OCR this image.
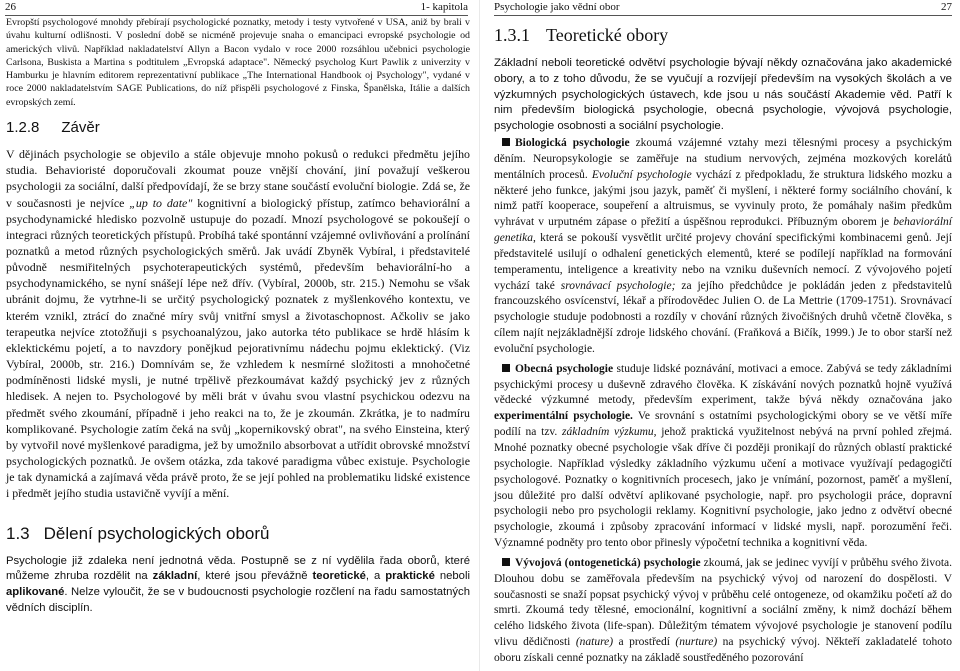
26	1- kapitola

Evropští psychologové mnohdy přebírají psychologické poznatky, metody i testy vytvořené v USA, aniž by brali v úvahu kulturní odlišnosti. V poslední době se nicméně projevuje snaha o emancipaci evropské psychologie od amerických vlivů. Například nakladatelství Allyn a Bacon vydalo v roce 2000 rozsáhlou učebnici psychologie Carlsona, Buskista a Martina s podtitulem „Evropská adaptace". Německý psycholog Kurt Pawlik z univerzity v Hamburku je hlavním editorem reprezentativní publikace „The International Handbook oj Psychology", vydané v roce 2000 nakladatelstvím SAGE Publications, do níž přispěli psychologové z Finska, Španělska, Itálie a dalších evropských zemí.

1.2.8 Závěr

V dějinách psychologie se objevilo a stále objevuje mnoho pokusů o redukci předmětu jejího studia. Behavioristé doporučovali zkoumat pouze vnější chování, jiní považují veškerou psychologii za sociální, další předpovídají, že se brzy stane součástí evoluční biologie. Zdá se, že v současnosti je nejvíce „up to date" kognitivní a biologický přístup, zatímco behaviorální a psychodynamické hledisko pozvolně ustupuje do pozadí. Mnozí psychologové se pokoušejí o integraci různých teoretických přístupů. Probíhá také spontánní vzájemné ovlivňování a prolínání poznatků a metod různých psychologických směrů. Jak uvádí Zbyněk Vybíral, i představitelé původně nesmiřitelných psychoterapeutických systémů, především behaviorální-ho a psychodynamického, se nyní snášejí lépe než dřív. (Vybíral, 2000b, str. 215.) Nemohu se však ubránit dojmu, že vytrhne-li se určitý psychologický poznatek z myšlenkového kontextu, ve kterém vznikl, ztrácí do značné míry svůj vnitřní smysl a životaschopnost. Ačkoliv se jako terapeutka nejvíce ztotožňuji s psychoanalýzou, jako autorka této publikace se hrdě hlásím k eklektickému pojetí, a to navzdory ponějkud pejorativnímu nádechu pojmu eklektický. (Viz Vybíral, 2000b, str. 216.) Domnívám se, že vzhledem k nesmírné složitosti a mnohočetné podmíněnosti lidské mysli, je nutné trpělivě přezkoumávat každý psychický jev z různých hledisek. A nejen to. Psychologové by měli brát v úvahu svou vlastní psychickou odezvu na předmět svého zkoumání, případně i jeho reakci na to, že je zkoumán. Zkrátka, je to nadmíru komplikované. Psychologie zatím čeká na svůj „kopernikovský obrat", na svého Einsteina, který by vytvořil nové myšlenkové paradigma, jež by umožnilo absorbovat a utřídit obrovské množství psychologických poznatků. Je ovšem otázka, zda takové paradigma vůbec existuje. Psychologie je tak dynamická a zajímavá věda právě proto, že se její pohled na problematiku lidské existence i předmět jejího studia ustavičně vyvíjí a mění.

1.3 Dělení psychologických oborů

Psychologie již zdaleka není jednotná věda. Postupně se z ní vydělila řada oborů, které můžeme zhruba rozdělit na základní, které jsou převážně teoretické, a praktické neboli aplikované. Nelze vyloučit, že se v budoucnosti psychologie rozčlení na řadu samostatných vědních disciplín.

Psychologie jako vědní obor	27
1.3.1 Teoretické obory

Základní neboli teoretické odvětví psychologie bývají někdy označována jako akademické obory, a to z toho důvodu, že se vyučují a rozvíjejí především na vysokých školách a ve výzkumných psychologických ústavech, kde jsou u nás součástí Akademie věd. Patří k nim především biologická psychologie, obecná psychologie, vývojová psychologie, psychologie osobnosti a sociální psychologie.

Biologická psychologie zkoumá vzájemné vztahy mezi tělesnými procesy a psychickým děním. Neuropsykologie se zaměřuje na studium nervových, zejména mozkových korelátů mentálních procesů. Evoluční psychologie vychází z předpokladu, že struktura lidského mozku a některé jeho funkce, jakými jsou jazyk, paměť či myšlení, i některé formy sociálního chování, k nimž patří kooperace, soupeření a altruismus, se vyvinuly proto, že pomáhaly našim předkům vyhrávat v urputném zápase o přežití a úspěšnou reprodukci. Příbuzným oborem je behaviorální genetika, která se pokouší vysvětlit určité projevy chování specifickými kombinacemi genů. Její představitelé usilují o odhalení genetických elementů, které se podílejí například na formování temperamentu, inteligence a kreativity nebo na vzniku duševních nemocí. Z vývojového pojetí vychází také srovnávací psychologie; za jejího předchůdce je pokládán jeden z představitelů francouzského osvícenství, lékař a přírodovědec Julien O. de La Mettrie (1709-1751). Srovnávací psychologie studuje podobnosti a rozdíly v chování různých živočišných druhů včetně člověka, s cílem najít nejzákladnější zdroje lidského chování. (Fraňková a Bičík, 1999.) Je to obor starší než evoluční psychologie.

Obecná psychologie studuje lidské poznávání, motivaci a emoce. Zabývá se tedy základními psychickými procesy u duševně zdravého člověka. K získávání nových poznatků hojně využívá vědecké výzkumné metody, především experiment, takže bývá někdy označována jako experimentální psychologie. Ve srovnání s ostatními psychologickými obory se ve větší míře podílí na tzv. základním výzkumu, jehož praktická využitelnost nebývá na první pohled zřejmá. Mnohé poznatky obecné psychologie však dříve či později pronikají do různých oblastí praktické psychologie. Například výsledky základního výzkumu učení a motivace využívají pedagogičtí psychologové. Poznatky o kognitivních procesech, jako je vnímání, pozornost, paměť a myšlení, jsou důležité pro další odvětví aplikované psychologie, např. pro psychologii práce, dopravní psychologii nebo pro psychologii reklamy. Kognitivní psychologie, jako jedno z odvětví obecné psychologie, zkoumá i způsoby zpracování informací v lidské mysli, např. porozumění řeči. Významné podněty pro tento obor přinesly výpočetní technika a kognitivní věda.

Vývojová (ontogenetická) psychologie zkoumá, jak se jedinec vyvíjí v průběhu svého života. Dlouhou dobu se zaměřovala především na psychický vývoj od narození do dospělosti. V současnosti se snaží popsat psychický vývoj v průběhu celé ontogeneze, od okamžiku početí až do smrti. Zkoumá tedy tělesné, emocionální, kognitivní a sociální změny, k nimž dochází během celého lidského života (life-span). Důležitým tématem vývojové psychologie je stanovení podílu vlivu dědičnosti (nature) a prostředí (nurture) na psychický vývoj. Někteří zakladatelé tohoto oboru získali cenné poznatky na základě soustředěného pozorování
